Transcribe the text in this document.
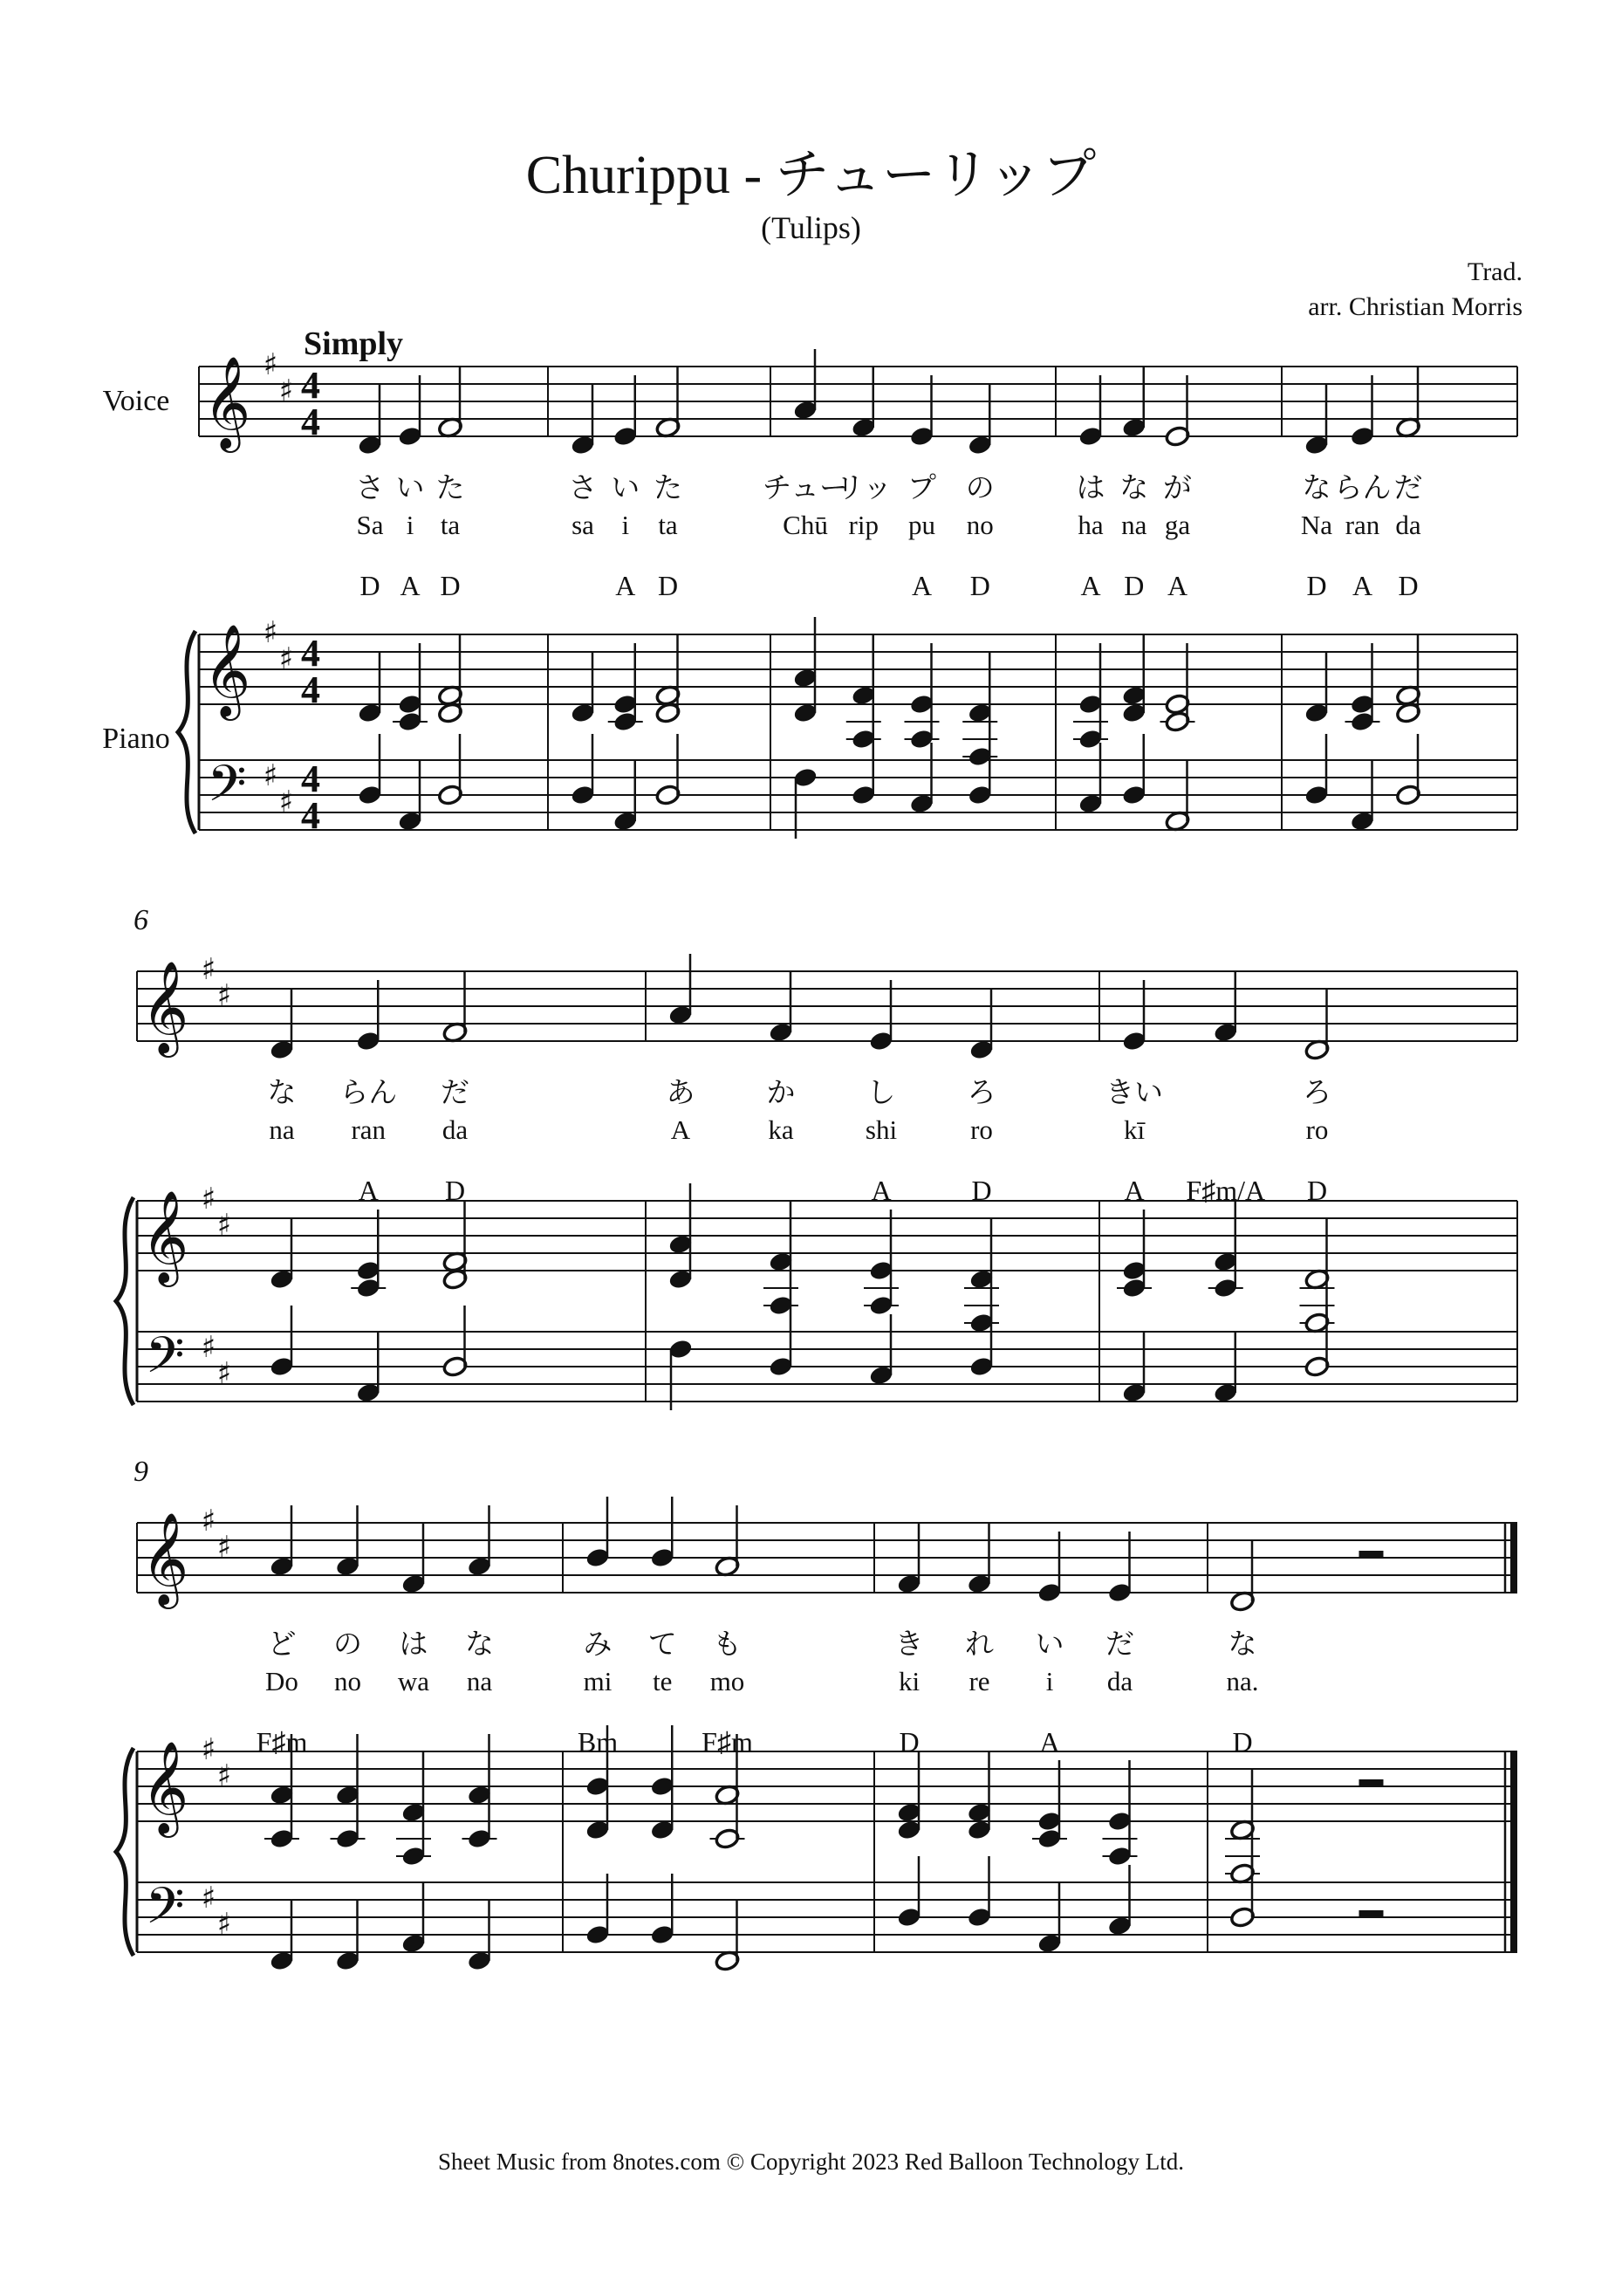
Churippu - チューリップ
(Tulips)
Trad.
arr. Christian Morris
Simply
𝄞 ♯
♯ 4
4
𝄞 ♯
♯ 4
4
𝄢 ♯
♯
4
4
Voice
Piano
さ
Sa
い
i
た
ta
D A D
さ
sa
い
i
た
ta
A D
チュー
Chū
リッ
rip
プ
pu
の
no
A D
は
ha
な
na
が
ga
A D A
な
Na
らん
ran
だ
da
D A D
𝄞 ♯
♯
𝄞 ♯
♯
𝄢 ♯
♯
6
な
na
らん
ran
だ
da
A D
あ
A
か
ka
し
shi
ろ
ro
A	D
きい
kī
ろ
ro
A F♯m/A D
𝄞 ♯
♯
𝄞 ♯
♯
𝄢 ♯
♯
9
ど
Do
の
no
は
wa
な
na
F♯m
み
mi
て
te
も
mo
Bm	F♯m
き
ki
れ
re
い
i
だ
da
D	A
な
na.
D
Sheet Music from 8notes.com © Copyright 2023 Red Balloon Technology Ltd.
